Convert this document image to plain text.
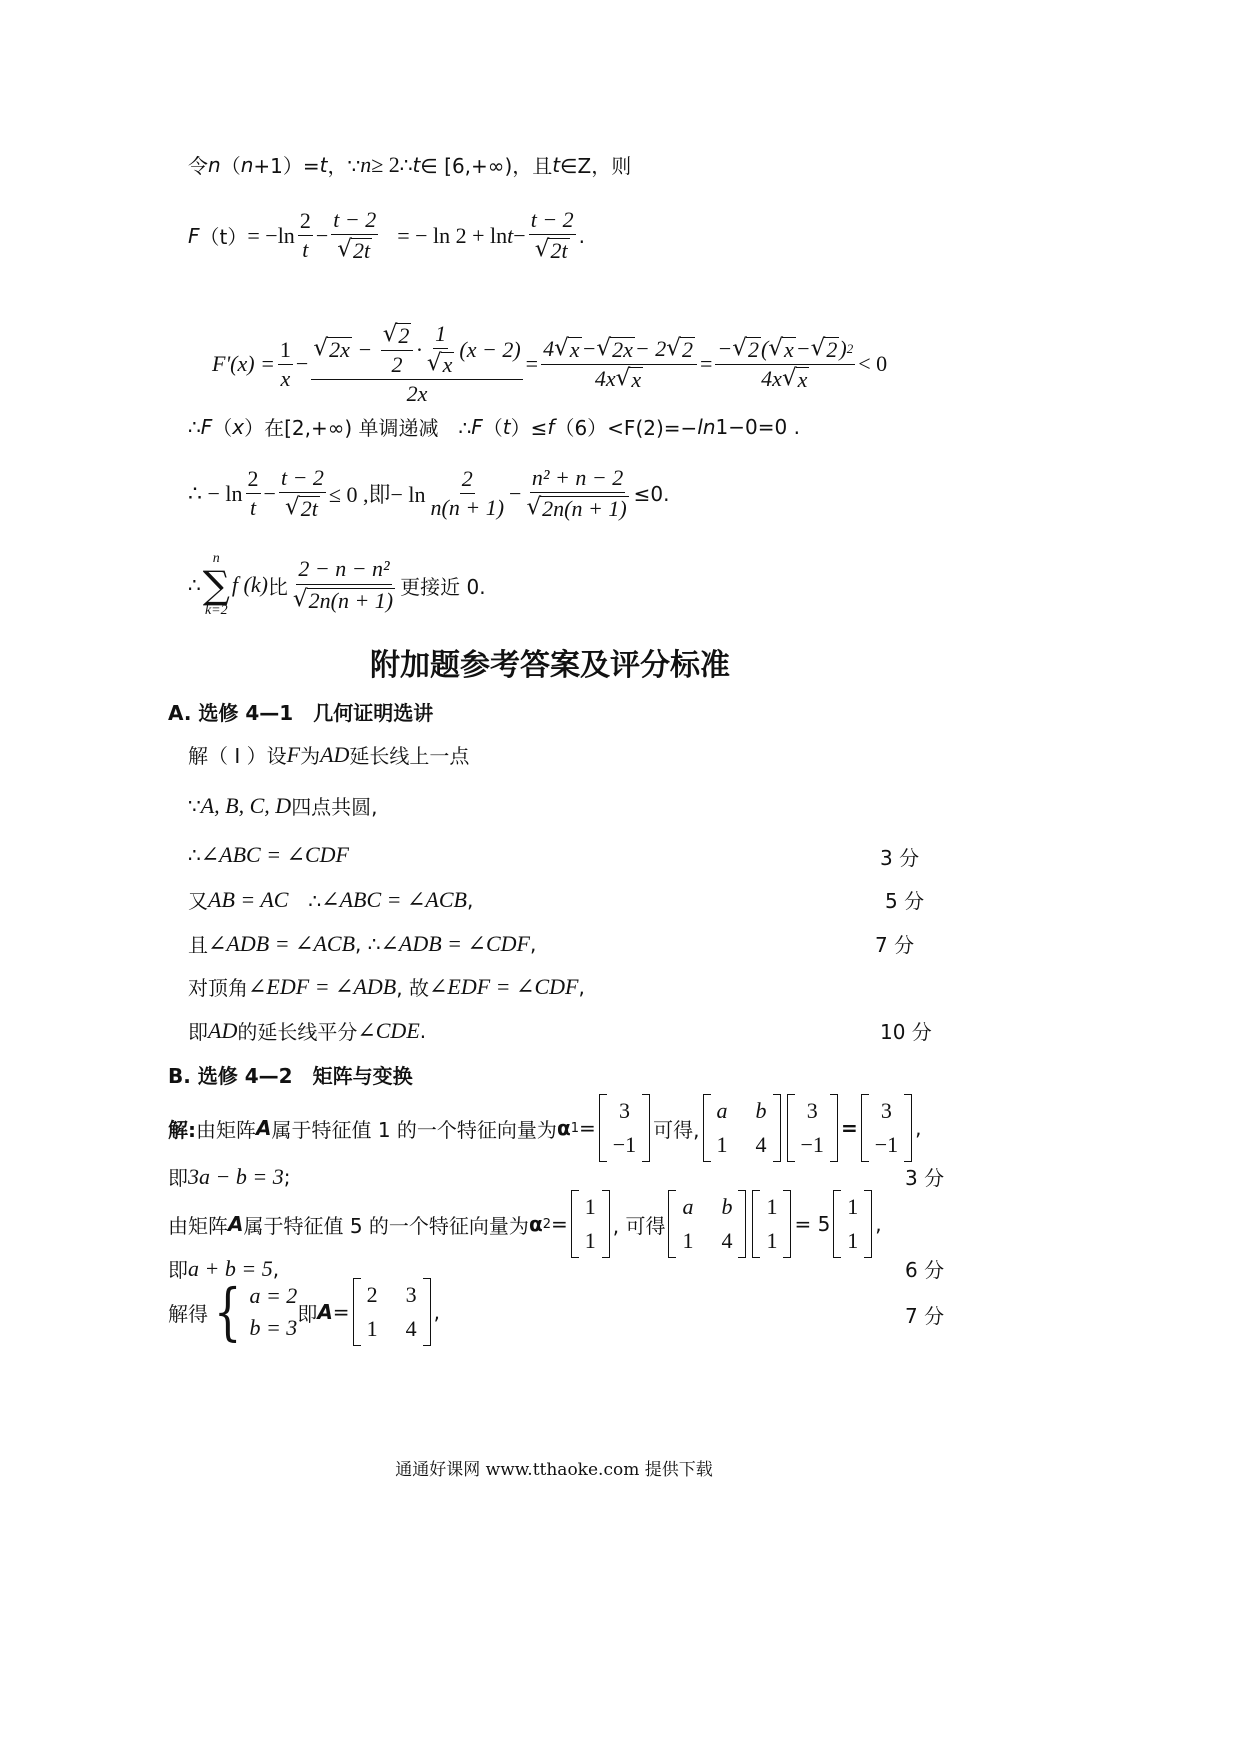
令 n （ n +1）= t ，∵ n ≥ 2 ∴ t ∈ [6,+∞)，且 t ∈Z，则
F （t） = − $\ln \frac{2}{t} - \frac{t - 2}{√ 2t}$ = − $\ln 2 + \ln t - \frac{t - 2}{√ 2t}$ .
F '$(x) = \frac{1}{x} - \frac{√ 2x - \frac{√ 2}{2} \cdot \frac{1}{√ x} (x - 2)}{2x} = \frac{4 √ x - √ 2x - 2 √ 2}{4x √ x} = \frac{- √ 2 ( √ x - √ 2 ) 2}{4x √ x} < 0$
∴ F （ x ）在[2,+∞) 单调递减　∴ F （ t ）≤ f （6）<F(2)=− ln 1−0=0 .
∴ − $\ln \frac{2}{t} - \frac{t - 2}{√ 2t} \le 0$ ,即− $\ln \frac{2}{n(n + 1)} - \frac{\text{n² + n − 2}}{√ 2n(n + 1)} \le 0$.
∴
n
∑
k=2
f (k) 比 $\frac{\text{2 − n − n²}}{√ 2n(n + 1)}$ 更接近 0.
附加题参考答案及评分标准
A. 选修 4—1　几何证明选讲
解（ I ）设 F 为 AD 延长线上一点
∵ A, B, C, D 四点共圆,
∴ ∠ABC = ∠CDF	3 分
又 AB = AC 　∴ ∠ABC = ∠ACB ,	5 分
且 ∠ADB = ∠ACB , ∴ ∠ADB = ∠CDF ,	7 分
对顶角 ∠EDF = ∠ADB , 故 ∠EDF = ∠CDF ,
即 AD 的延长线平分 ∠CDE .	10 分
B. 选修 4—2　矩阵与变换
解: 由矩阵 A 属于特征值 1 的一个特征向量为 α 1 =
3
−1
可得,
a b
1 4
3
−1
=
3
−1
,
即 3a − b = 3 ;	3 分
由矩阵 A 属于特征值 5 的一个特征向量为 α 2 =
1
1
, 可得
a b
1 4
1
1
= 5
1
1
,
即 a + b = 5 ,	6 分
解得 { a = 2
b = 3
即 A =
2 3
1 4
,	7 分
通通好课网 www.tthaoke.com 提供下载
